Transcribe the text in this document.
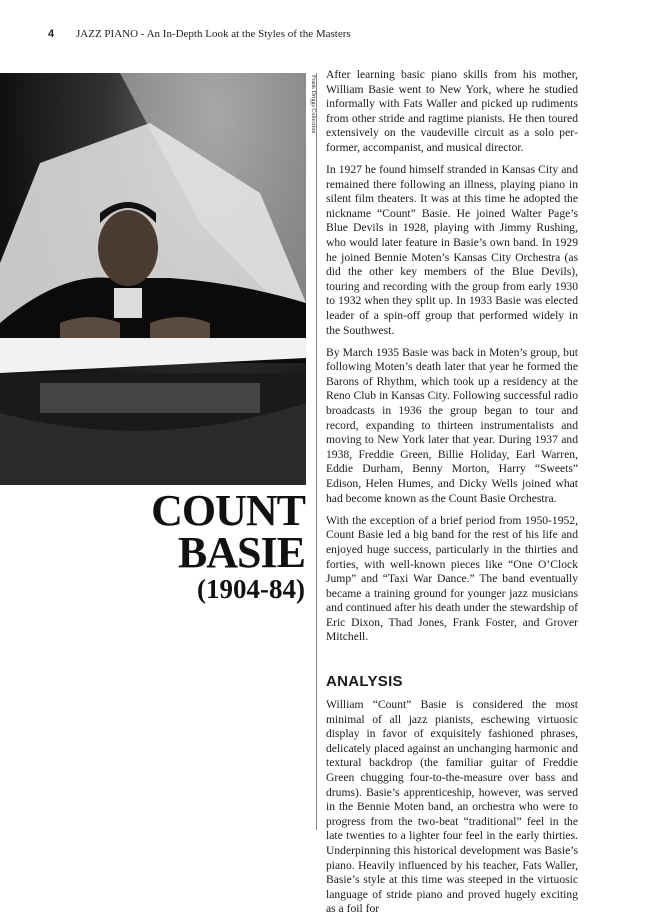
4 JAZZ PIANO - An In-Depth Look at the Styles of the Masters
Frank Driggs Collection
COUNT
BASIE
(1904-84)

After learning basic piano skills from his mother, William Basie went to New York, where he studied informally with Fats Waller and picked up rudiments from other stride and ragtime pianists. He then toured extensively on the vaudeville circuit as a solo performer, accompanist, and musical director.

In 1927 he found himself stranded in Kansas City and remained there following an illness, playing piano in silent film theaters. It was at this time he adopted the nickname “Count” Basie. He joined Walter Page’s Blue Devils in 1928, playing with Jimmy Rushing, who would later feature in Basie’s own band. In 1929 he joined Bennie Moten’s Kansas City Orchestra (as did the other key members of the Blue Devils), touring and recording with the group from early 1930 to 1932 when they split up. In 1933 Basie was elected leader of a spin-off group that performed widely in the Southwest.

By March 1935 Basie was back in Moten’s group, but following Moten’s death later that year he formed the Barons of Rhythm, which took up a residency at the Reno Club in Kansas City. Following successful radio broadcasts in 1936 the group began to tour and record, expanding to thirteen instrumentalists and moving to New York later that year. During 1937 and 1938, Freddie Green, Billie Holiday, Earl Warren, Eddie Durham, Benny Morton, Harry “Sweets” Edison, Helen Humes, and Dicky Wells joined what had become known as the Count Basie Orchestra.

With the exception of a brief period from 1950-1952, Count Basie led a big band for the rest of his life and enjoyed huge success, particularly in the thirties and forties, with well-known pieces like “One O’Clock Jump” and “Taxi War Dance.” The band eventually became a training ground for younger jazz musicians and continued after his death under the stewardship of Eric Dixon, Thad Jones, Frank Foster, and Grover Mitchell.

ANALYSIS

William “Count” Basie is considered the most minimal of all jazz pianists, eschewing virtuosic display in favor of exquisitely fashioned phrases, delicately placed against an unchanging harmonic and textural backdrop (the familiar guitar of Freddie Green chugging four-to-the-measure over bass and drums). Basie’s apprenticeship, however, was served in the Bennie Moten band, an orchestra who were to progress from the two-beat “traditional” feel in the late twenties to a lighter four feel in the early thirties. Underpinning this historical development was Basie’s piano. Heavily influenced by his teacher, Fats Waller, Basie’s style at this time was steeped in the virtuosic language of stride piano and proved hugely exciting as a foil for
